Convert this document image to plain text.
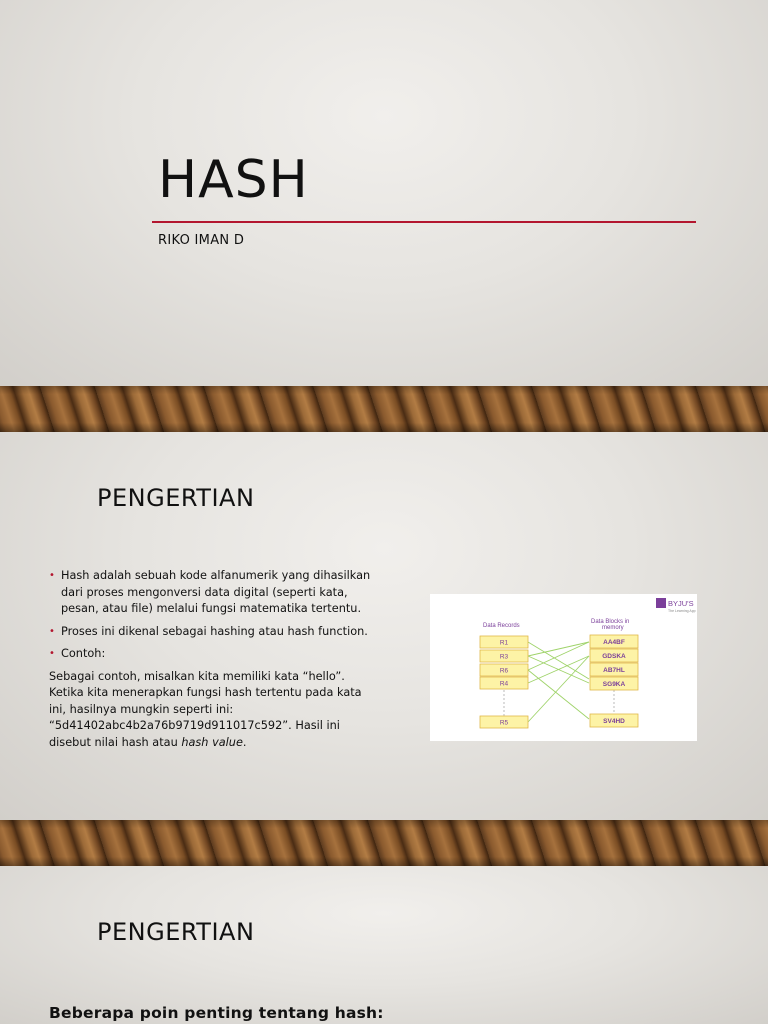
HASH
RIKO IMAN D
PENGERTIAN
• Hash adalah sebuah kode alfanumerik yang dihasilkan dari proses mengonversi data digital (seperti kata, pesan, atau file) melalui fungsi matematika tertentu.
• Proses ini dikenal sebagai hashing atau hash function.
• Contoh:

Sebagai contoh, misalkan kita memiliki kata “hello”. Ketika kita menerapkan fungsi hash tertentu pada kata ini, hasilnya mungkin seperti ini: “5d41402abc4b2a76b9719d911017c592”. Hasil ini disebut nilai hash atau hash value.

BYJU'S
The Learning App
Data Records
Data Blocks in
memory
R1
R3
R6
R4
R5
AA4BF
GDSKA
AB7HL
SG9KA
SV4HD
PENGERTIAN
Beberapa poin penting tentang hash:
